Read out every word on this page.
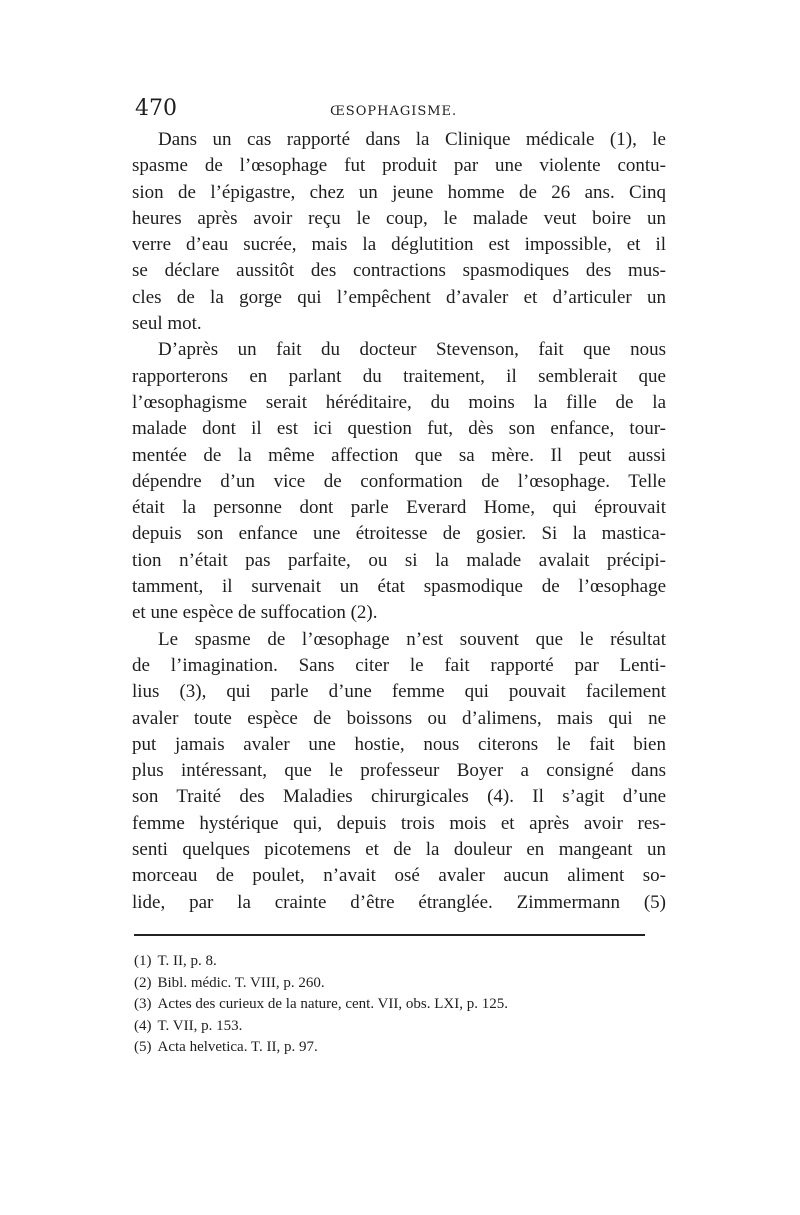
470	ŒSOPHAGISME.
Dans un cas rapporté dans la Clinique médicale (1), le
spasme de l’œsophage fut produit par une violente contu-
sion de l’épigastre, chez un jeune homme de 26 ans. Cinq
heures après avoir reçu le coup, le malade veut boire un
verre d’eau sucrée, mais la déglutition est impossible, et il
se déclare aussitôt des contractions spasmodiques des mus-
cles de la gorge qui l’empêchent d’avaler et d’articuler un
seul mot.
D’après un fait du docteur Stevenson, fait que nous
rapporterons en parlant du traitement, il semblerait que
l’œsophagisme serait héréditaire, du moins la fille de la
malade dont il est ici question fut, dès son enfance, tour-
mentée de la même affection que sa mère. Il peut aussi
dépendre d’un vice de conformation de l’œsophage. Telle
était la personne dont parle Everard Home, qui éprouvait
depuis son enfance une étroitesse de gosier. Si la mastica-
tion n’était pas parfaite, ou si la malade avalait précipi-
tamment, il survenait un état spasmodique de l’œsophage
et une espèce de suffocation (2).
Le spasme de l’œsophage n’est souvent que le résultat
de l’imagination. Sans citer le fait rapporté par Lenti-
lius (3), qui parle d’une femme qui pouvait facilement
avaler toute espèce de boissons ou d’alimens, mais qui ne
put jamais avaler une hostie, nous citerons le fait bien
plus intéressant, que le professeur Boyer a consigné dans
son Traité des Maladies chirurgicales (4). Il s’agit d’une
femme hystérique qui, depuis trois mois et après avoir res-
senti quelques picotemens et de la douleur en mangeant un
morceau de poulet, n’avait osé avaler aucun aliment so-
lide, par la crainte d’être étranglée. Zimmermann (5)
(1) T. II, p. 8.
(2) Bibl. médic. T. VIII, p. 260.
(3) Actes des curieux de la nature, cent. VII, obs. LXI, p. 125.
(4) T. VII, p. 153.
(5) Acta helvetica. T. II, p. 97.
